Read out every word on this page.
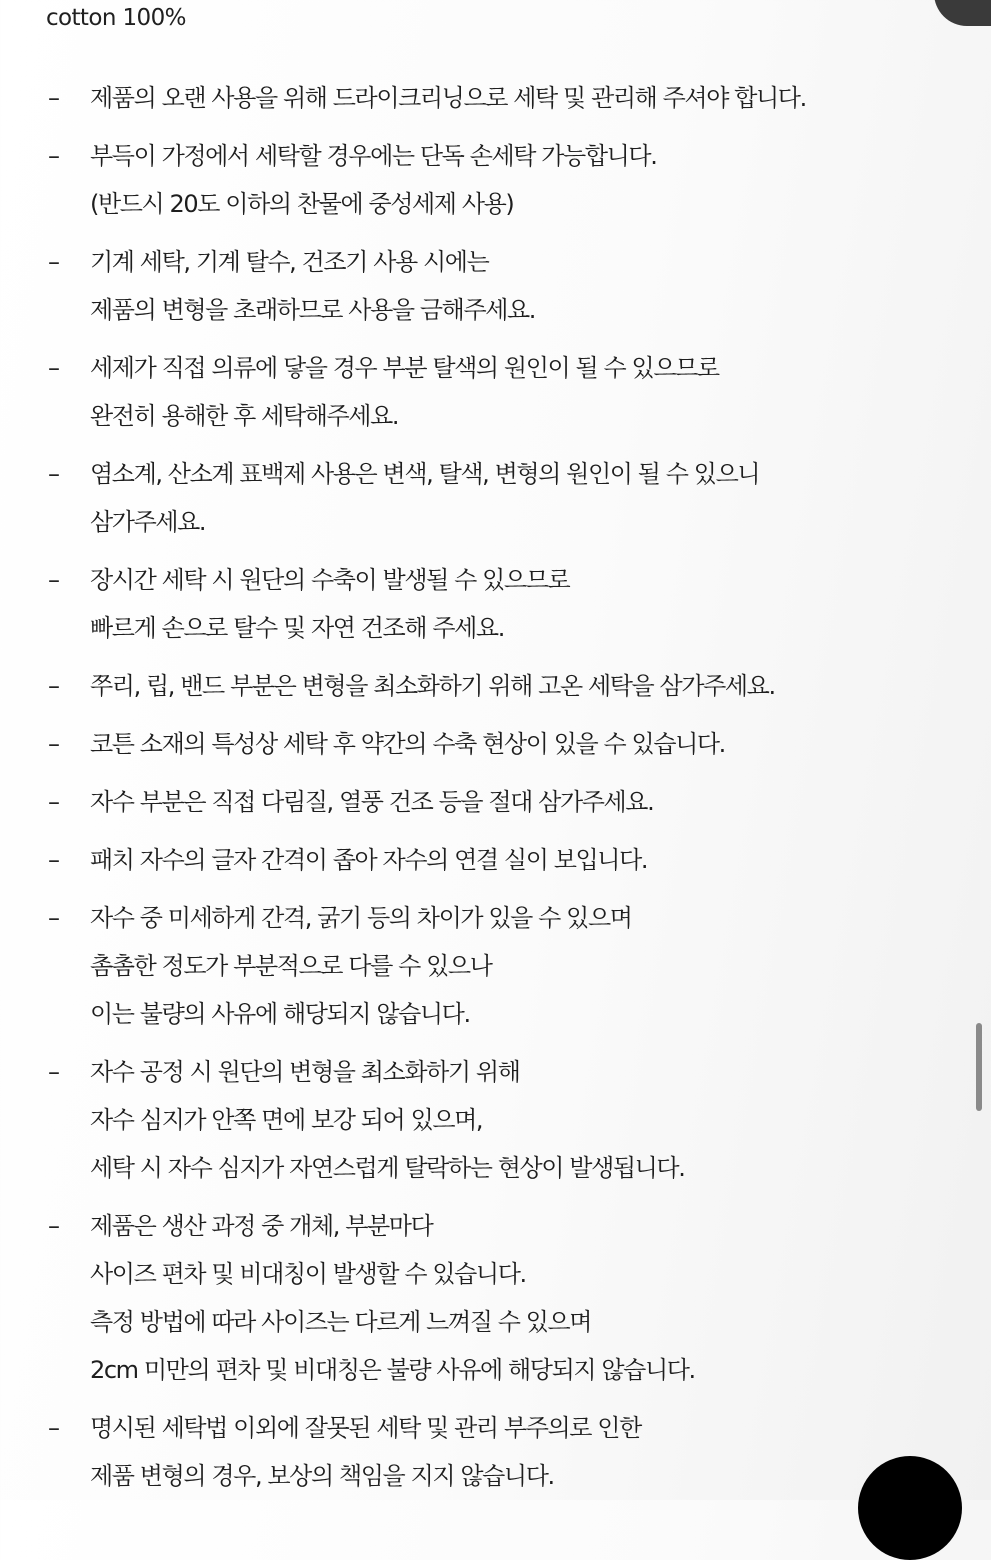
cotton 100%
– 제품의 오랜 사용을 위해 드라이크리닝으로 세탁 및 관리해 주셔야 합니다.
– 부득이 가정에서 세탁할 경우에는 단독 손세탁 가능합니다.
(반드시 20도 이하의 찬물에 중성세제 사용)
– 기계 세탁, 기계 탈수, 건조기 사용 시에는
제품의 변형을 초래하므로 사용을 금해주세요.
– 세제가 직접 의류에 닿을 경우 부분 탈색의 원인이 될 수 있으므로
완전히 용해한 후 세탁해주세요.
– 염소계, 산소계 표백제 사용은 변색, 탈색, 변형의 원인이 될 수 있으니
삼가주세요.
– 장시간 세탁 시 원단의 수축이 발생될 수 있으므로
빠르게 손으로 탈수 및 자연 건조해 주세요.
– 쭈리, 립, 밴드 부분은 변형을 최소화하기 위해 고온 세탁을 삼가주세요.
– 코튼 소재의 특성상 세탁 후 약간의 수축 현상이 있을 수 있습니다.
– 자수 부분은 직접 다림질, 열풍 건조 등을 절대 삼가주세요.
– 패치 자수의 글자 간격이 좁아 자수의 연결 실이 보입니다.
– 자수 중 미세하게 간격, 굵기 등의 차이가 있을 수 있으며
촘촘한 정도가 부분적으로 다를 수 있으나
이는 불량의 사유에 해당되지 않습니다.
– 자수 공정 시 원단의 변형을 최소화하기 위해
자수 심지가 안쪽 면에 보강 되어 있으며,
세탁 시 자수 심지가 자연스럽게 탈락하는 현상이 발생됩니다.
– 제품은 생산 과정 중 개체, 부분마다
사이즈 편차 및 비대칭이 발생할 수 있습니다.
측정 방법에 따라 사이즈는 다르게 느껴질 수 있으며
2cm 미만의 편차 및 비대칭은 불량 사유에 해당되지 않습니다.
– 명시된 세탁법 이외에 잘못된 세탁 및 관리 부주의로 인한
제품 변형의 경우, 보상의 책임을 지지 않습니다.
